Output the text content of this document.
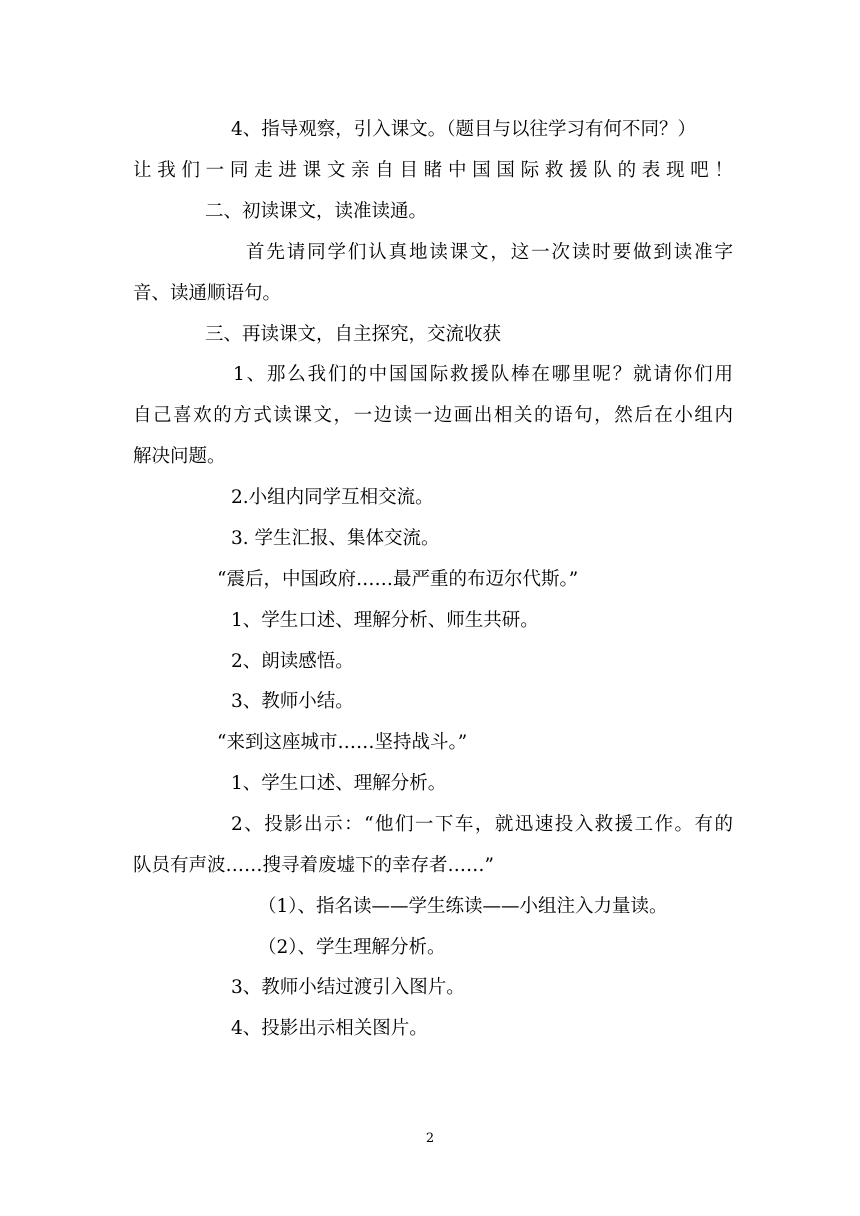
4、指导观察，引入课文。（题目与以往学习有何不同？）
让我们一同走进课文亲自目睹中国国际救援队的表现吧！
二、初读课文，读准读通。
首先请同学们认真地读课文，这一次读时要做到读准字
音、读通顺语句。
三、再读课文，自主探究，交流收获
1、那么我们的中国国际救援队棒在哪里呢？就请你们用
自己喜欢的方式读课文，一边读一边画出相关的语句，然后在小组内
解决问题。
2.小组内同学互相交流。
3. 学生汇报、集体交流。
“震后，中国政府……最严重的布迈尔代斯。”
1、学生口述、理解分析、师生共研。
2、朗读感悟。
3、教师小结。
“来到这座城市……坚持战斗。”
1、学生口述、理解分析。
2、投影出示：“他们一下车，就迅速投入救援工作。有的
队员有声波……搜寻着废墟下的幸存者……”
（1）、指名读——学生练读——小组注入力量读。
（2）、学生理解分析。
3、教师小结过渡引入图片。
4、投影出示相关图片。
2
